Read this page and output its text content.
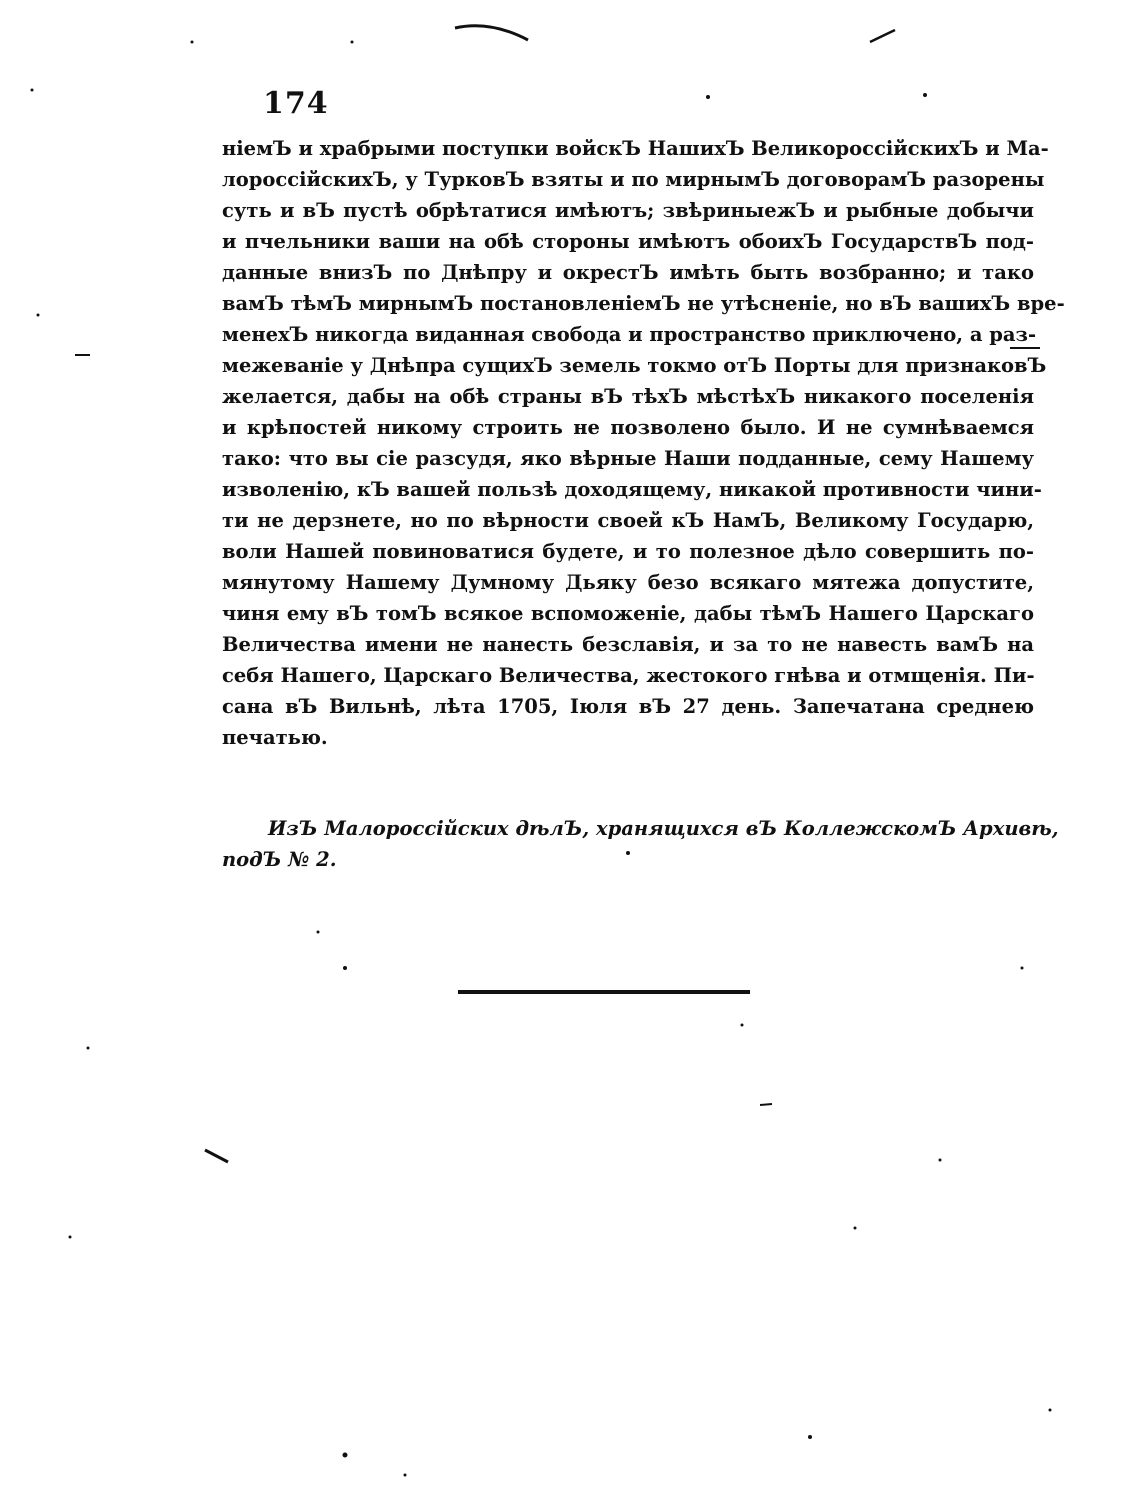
174
ніемЪ и храбрыми поступки войскЪ НашихЪ ВеликороссійскихЪ и Ма-
лороссійскихЪ, у ТурковЪ взяты и по мирнымЪ договорамЪ разорены
суть и вЪ пустѣ обрѣтатися имѣютъ; звѣриныежЪ и рыбные добычи
и пчельники ваши на обѣ стороны имѣютъ обоихЪ ГосударствЪ под-
данные внизЪ по Днѣпру и окрестЪ имѣть быть возбранно; и тако
вамЪ тѣмЪ мирнымЪ постановленіемЪ не утѣсненіе, но вЪ вашихЪ вре-
менехЪ никогда виданная свобода и пространство приключено, а раз-
межеваніе у Днѣпра сущихЪ земель токмо отЪ Порты для признаковЪ
желается, дабы на обѣ страны вЪ тѣхЪ мѣстѣхЪ никакого поселенія
и крѣпостей никому строить не позволено было. И не сумнѣваемся
тако: что вы сіе разсудя, яко вѣрные Наши подданные, сему Нашему
изволенію, кЪ вашей пользѣ доходящему, никакой противности чини-
ти не дерзнете, но по вѣрности своей кЪ НамЪ, Великому Государю,
воли Нашей повиноватися будете, и то полезное дѣло совершить по-
мянутому Нашему Думному Дьяку безо всякаго мятежа допустите,
чиня ему вЪ томЪ всякое вспоможеніе, дабы тѣмЪ Нашего Царскаго
Величества имени не нанесть безславія, и за то не навесть вамЪ на
себя Нашего, Царскаго Величества, жестокого гнѣва и отмщенія. Пи-
сана вЪ Вильнѣ, лѣта 1705, Іюля вЪ 27 день. Запечатана среднею
печатью.
ИзЪ Малороссійских дѣлЪ, хранящихся вЪ КоллежскомЪ Архивѣ,
подЪ № 2.
